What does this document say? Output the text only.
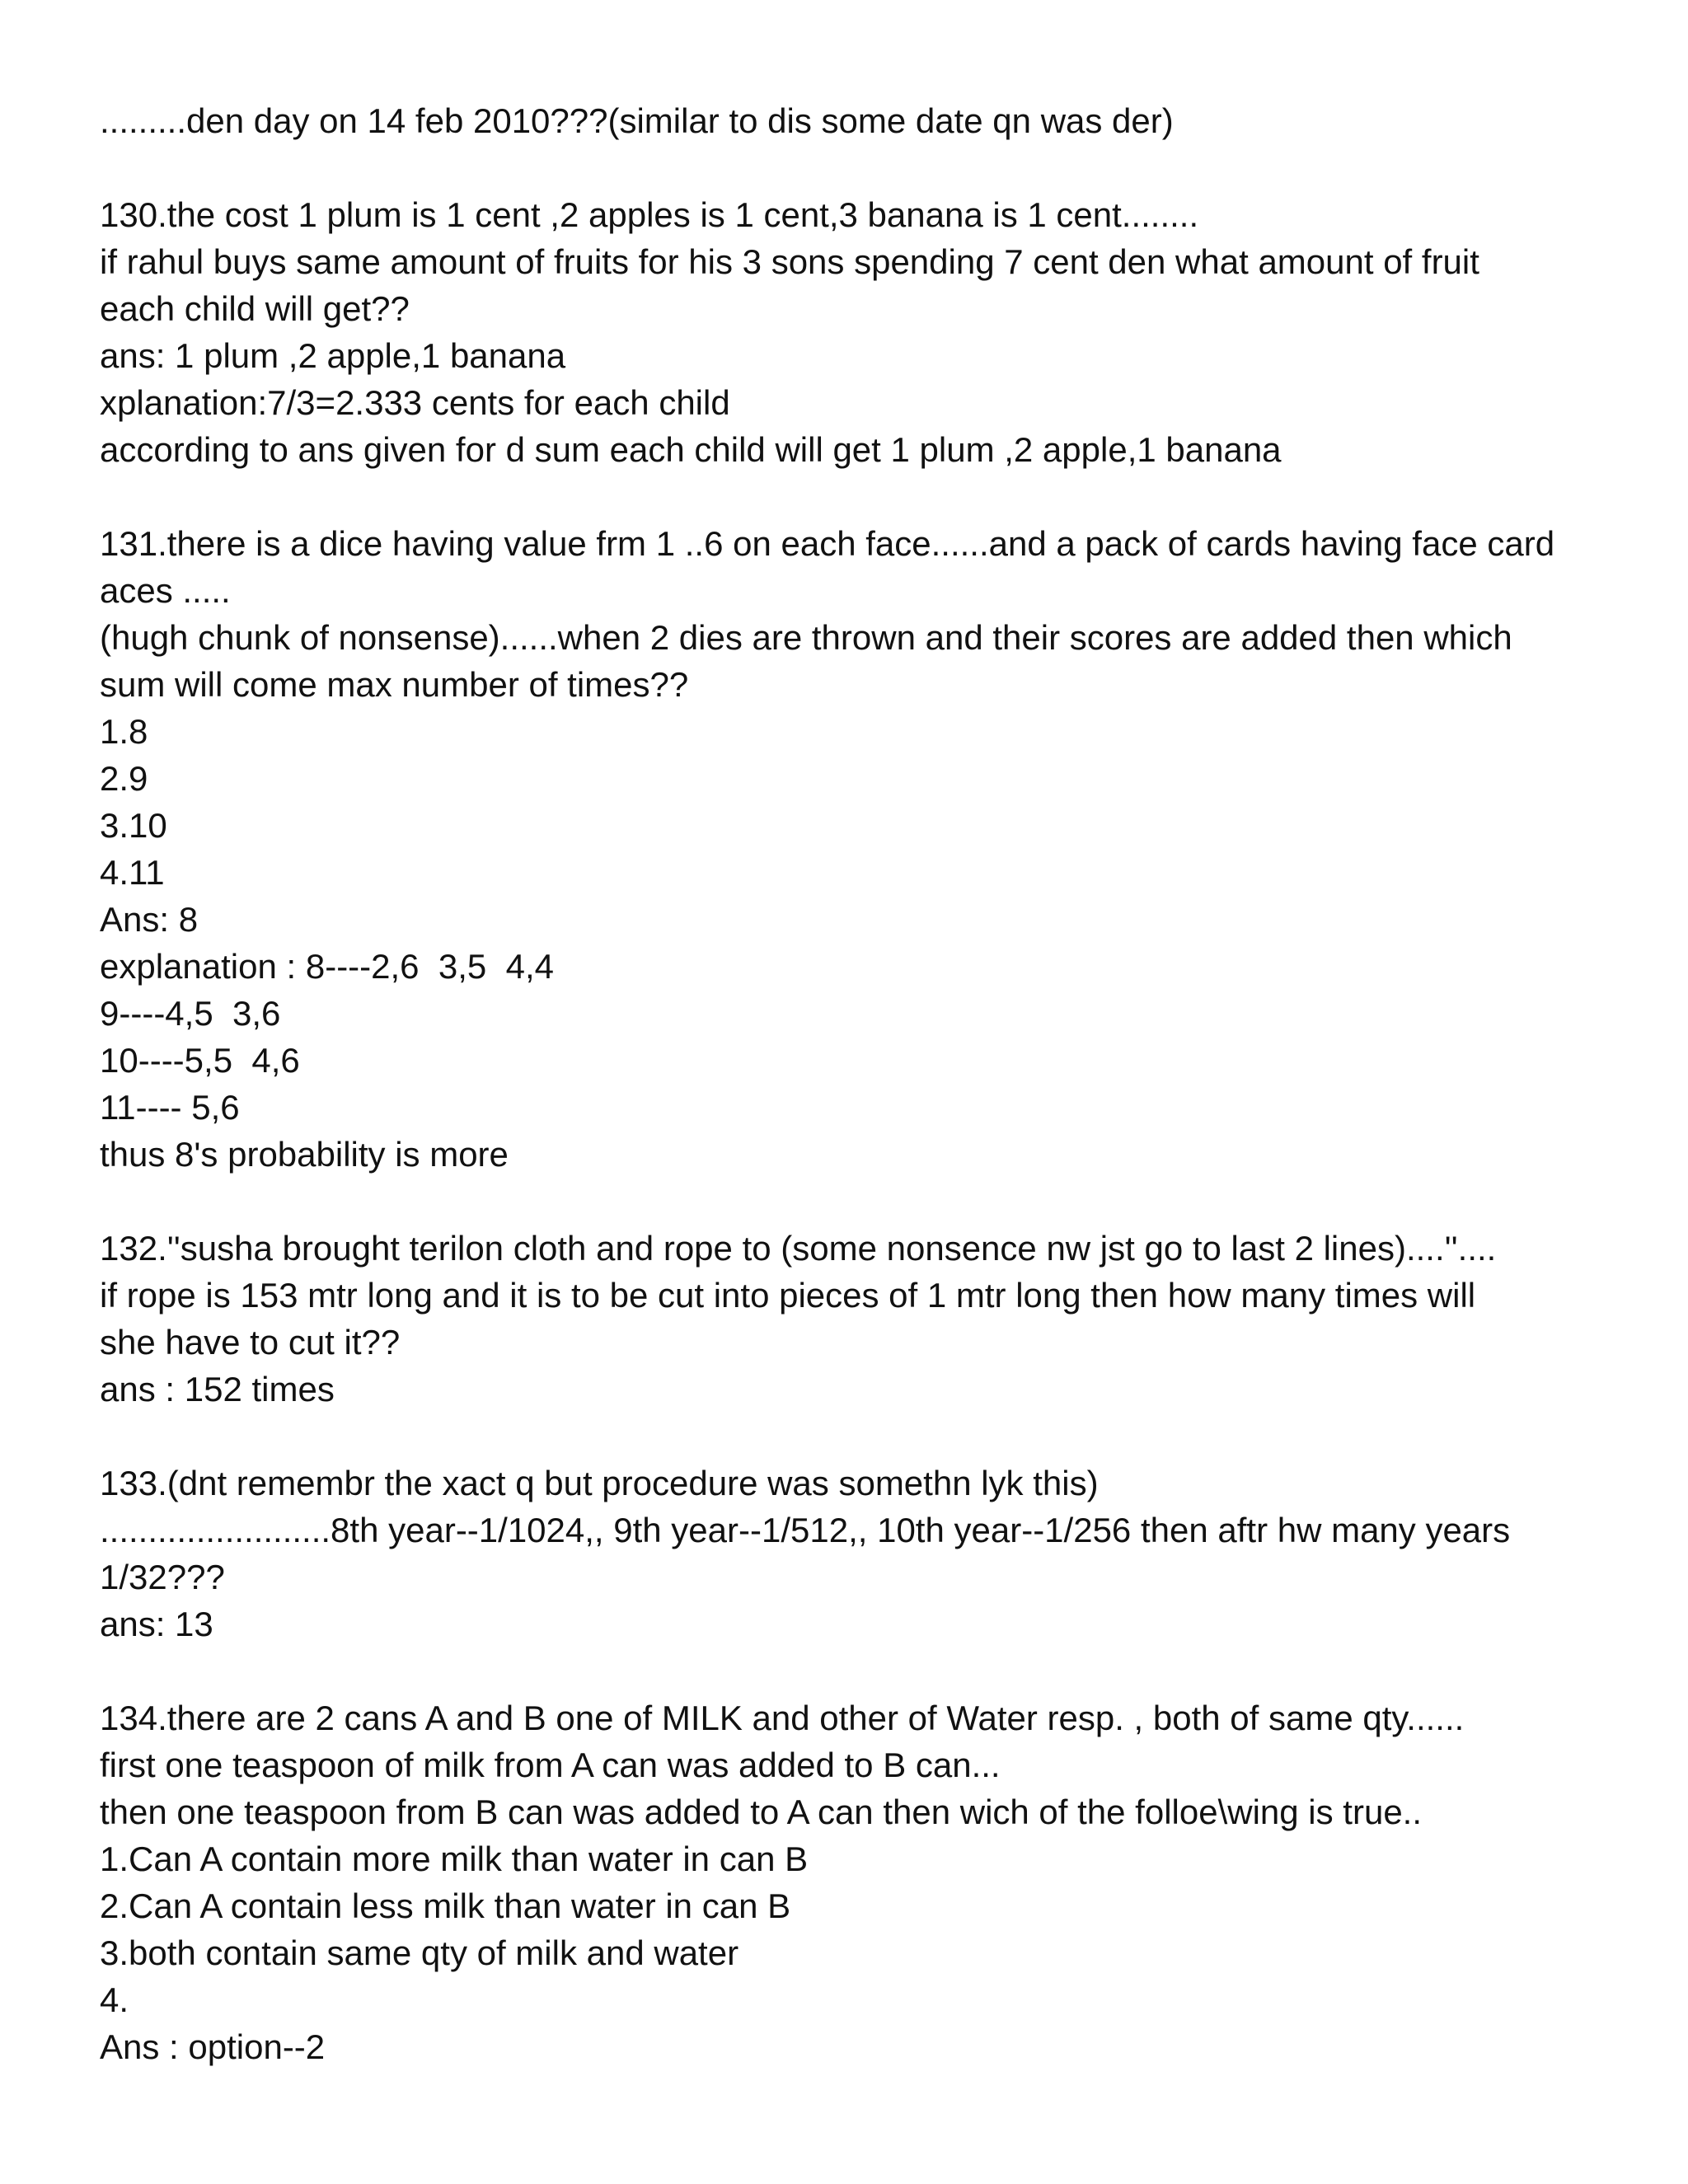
.........den day on 14 feb 2010???(similar to dis some date qn was der)

130.the cost 1 plum is 1 cent ,2 apples is 1 cent,3 banana is 1 cent........

if rahul buys same amount of fruits for his 3 sons spending 7 cent den what amount of fruit

each child will get??

ans: 1 plum ,2 apple,1 banana

xplanation:7/3=2.333 cents for each child

according to ans given for d sum each child will get 1 plum ,2 apple,1 banana

131.there is a dice having value frm 1 ..6 on each face......and a pack of cards having face card

aces .....

(hugh chunk of nonsense)......when 2 dies are thrown and their scores are added then which

sum will come max number of times??

1.8

2.9

3.10

4.11

Ans: 8

explanation : 8----2,6  3,5  4,4

9----4,5  3,6

10----5,5  4,6

11---- 5,6

thus 8's probability is more

132.''susha brought terilon cloth and rope to (some nonsence nw jst go to last 2 lines)....''....

if rope is 153 mtr long and it is to be cut into pieces of 1 mtr long then how many times will

she have to cut it??

ans : 152 times

133.(dnt remembr the xact q but procedure was somethn lyk this)

........................8th year--1/1024,, 9th year--1/512,, 10th year--1/256 then aftr hw many years

1/32???

ans: 13

134.there are 2 cans A and B one of MILK and other of Water resp. , both of same qty......

first one teaspoon of milk from A can was added to B can...

then one teaspoon from B can was added to A can then wich of the folloe\wing is true..

1.Can A contain more milk than water in can B

2.Can A contain less milk than water in can B

3.both contain same qty of milk and water

4.

Ans : option--2
